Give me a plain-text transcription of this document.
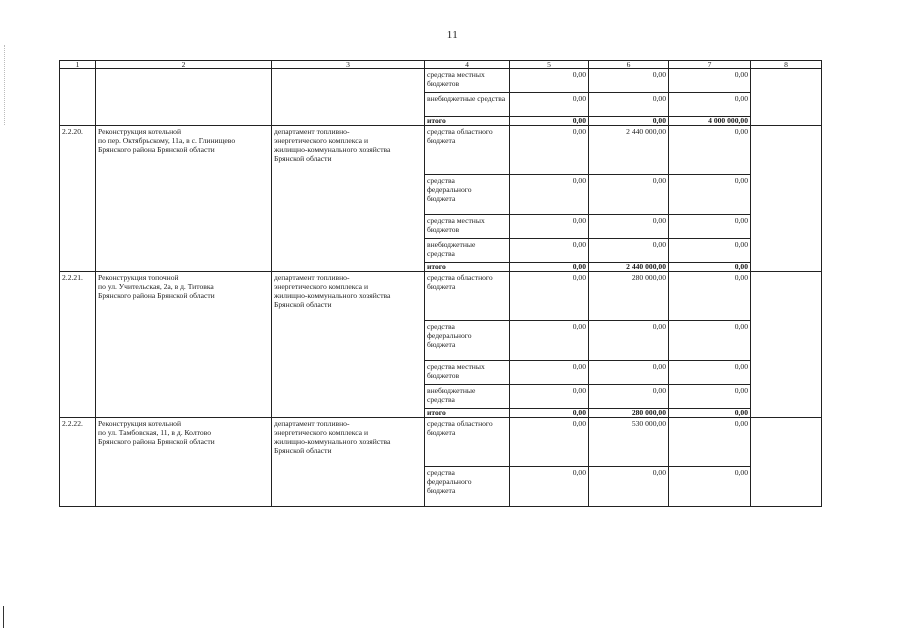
11
1	2	3	4	5	6	7	8
			средства местных бюджетов	0,00	0,00	0,00	
			внебюджетные средства	0,00	0,00	0,00	
			итого	0,00	0,00	4 000 000,00	
2.2.20.	Реконструкция котельной
по пер. Октябрьскому, 11а, в с. Глинищево
Брянского района Брянской области	департамент топливно-
энергетического комплекса и
жилищно-коммунального хозяйства
Брянской области	средства областного
бюджета	0,00	2 440 000,00	0,00	
			средства
федерального
бюджета	0,00	0,00	0,00	
			средства местных
бюджетов	0,00	0,00	0,00	
			внебюджетные
средства	0,00	0,00	0,00	
			итого	0,00	2 440 000,00	0,00	
2.2.21.	Реконструкция топочной
по ул. Учительская, 2а, в д. Титовка
Брянского района Брянской области	департамент топливно-
энергетического комплекса и
жилищно-коммунального хозяйства
Брянской области	средства областного
бюджета	0,00	280 000,00	0,00	
			средства
федерального
бюджета	0,00	0,00	0,00	
			средства местных
бюджетов	0,00	0,00	0,00	
			внебюджетные
средства	0,00	0,00	0,00	
			итого	0,00	280 000,00	0,00	
2.2.22.	Реконструкция котельной
по ул. Тамбовская, 11, в д. Колтово
Брянского района Брянской области	департамент топливно-
энергетического комплекса и
жилищно-коммунального хозяйства
Брянской области	средства областного
бюджета	0,00	530 000,00	0,00	
			средства
федерального
бюджета	0,00	0,00	0,00	
